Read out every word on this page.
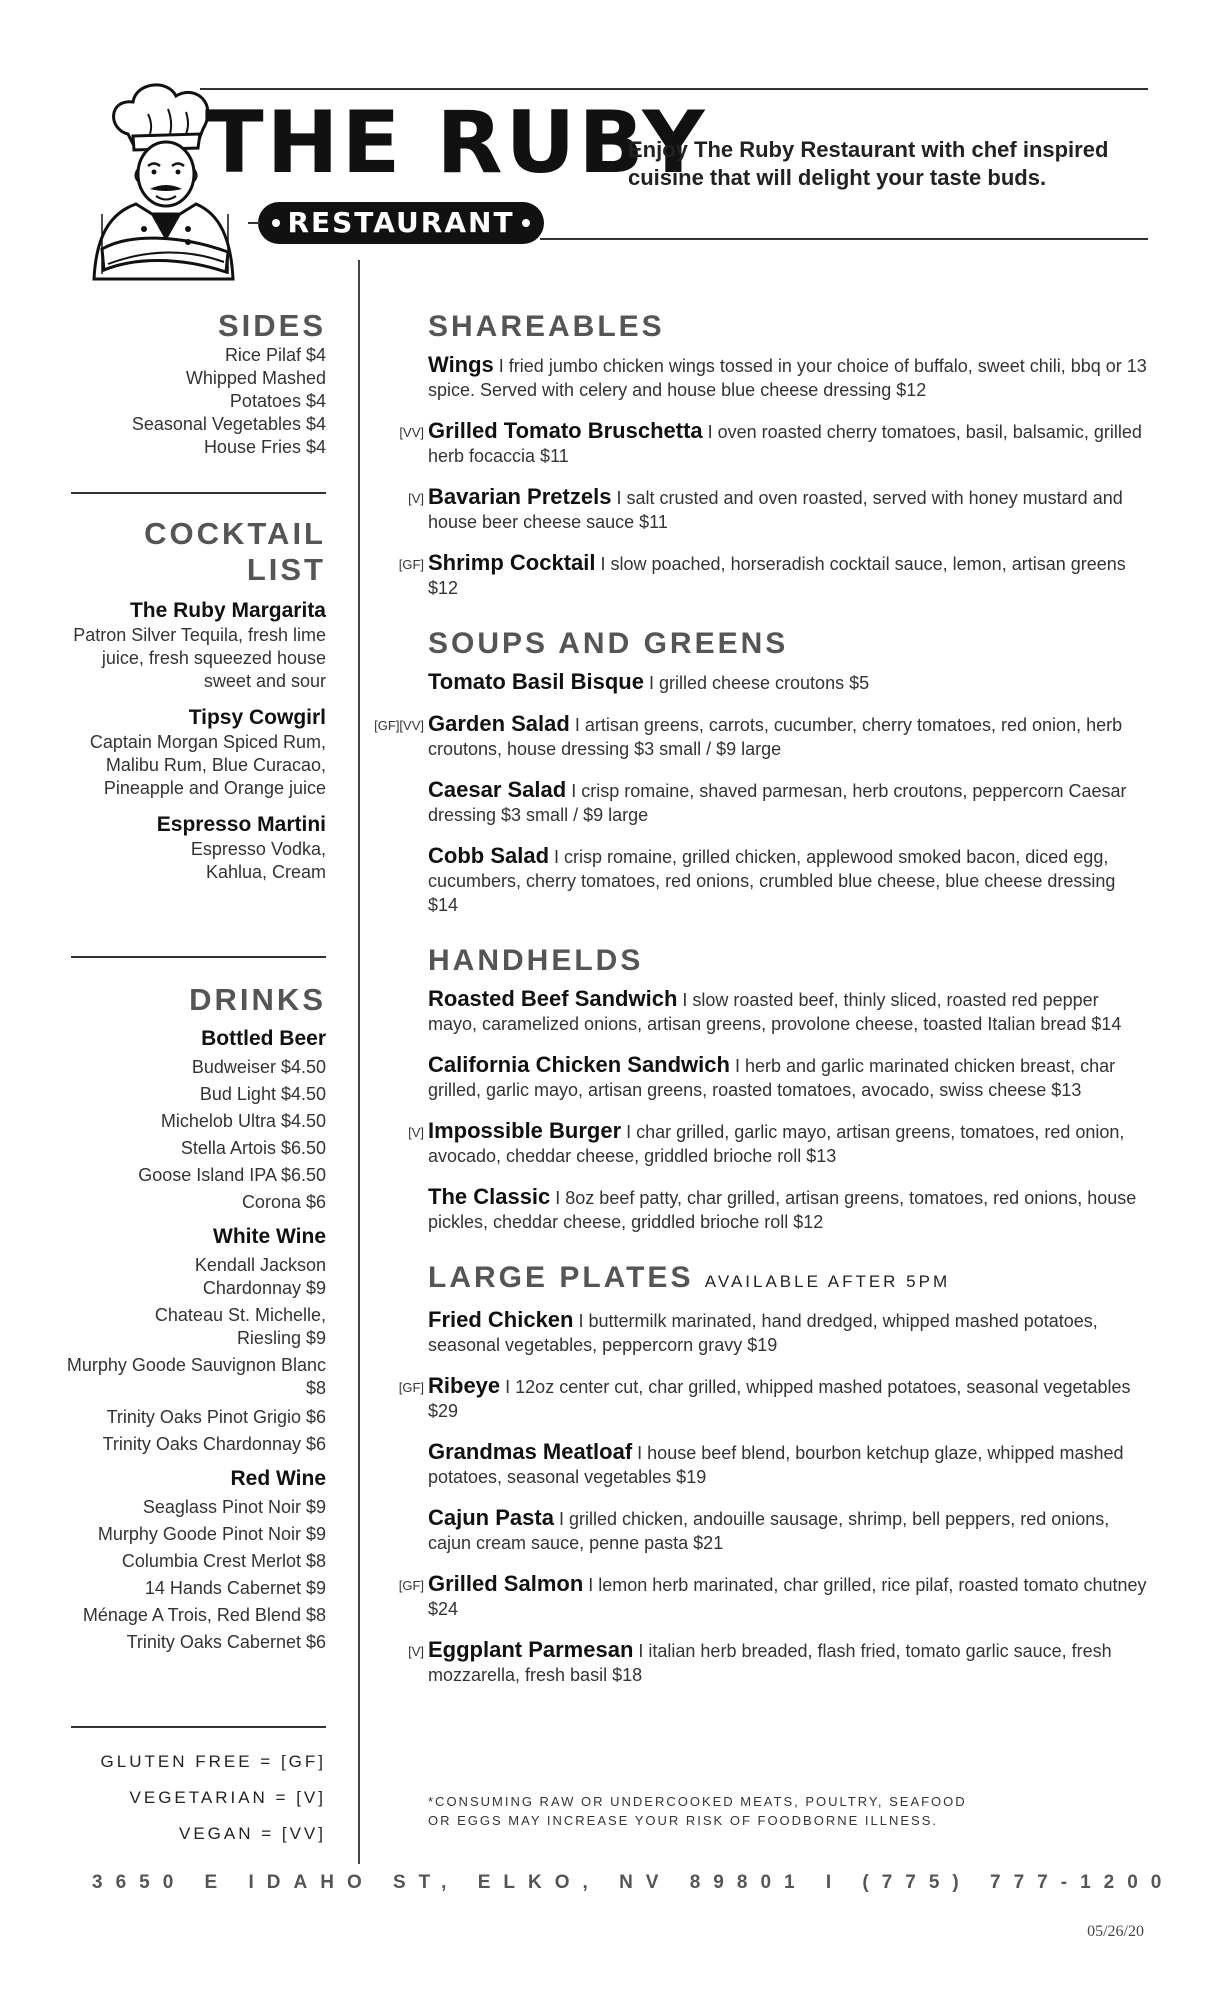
THE RUBY
RESTAURANT
Enjoy The Ruby Restaurant with chef inspired cuisine that will delight your taste buds.
SIDES
Rice Pilaf $4
Whipped Mashed Potatoes $4
Seasonal Vegetables $4
House Fries $4
COCKTAIL
LIST
The Ruby Margarita
Patron Silver Tequila, fresh lime juice, fresh squeezed house sweet and sour
Tipsy Cowgirl
Captain Morgan Spiced Rum, Malibu Rum, Blue Curacao, Pineapple and Orange juice
Espresso Martini
Espresso Vodka, Kahlua, Cream
DRINKS
Bottled Beer
Budweiser $4.50
Bud Light $4.50
Michelob Ultra $4.50
Stella Artois $6.50
Goose Island IPA $6.50
Corona $6
White Wine
Kendall Jackson Chardonnay $9
Chateau St. Michelle, Riesling $9
Murphy Goode Sauvignon Blanc $8
Trinity Oaks Pinot Grigio $6
Trinity Oaks Chardonnay $6
Red Wine
Seaglass Pinot Noir $9
Murphy Goode Pinot Noir $9
Columbia Crest Merlot $8
14 Hands Cabernet $9
Ménage A Trois, Red Blend $8
Trinity Oaks Cabernet $6
GLUTEN FREE = [GF]
VEGETARIAN = [V]
VEGAN = [VV]
SHAREABLES
Wings I fried jumbo chicken wings tossed in your choice of buffalo, sweet chili, bbq or 13 spice. Served with celery and house blue cheese dressing $12
[VV] Grilled Tomato Bruschetta I oven roasted cherry tomatoes, basil, balsamic, grilled herb focaccia $11
[V] Bavarian Pretzels I salt crusted and oven roasted, served with honey mustard and house beer cheese sauce $11
[GF] Shrimp Cocktail I slow poached, horseradish cocktail sauce, lemon, artisan greens $12
SOUPS AND GREENS
Tomato Basil Bisque I grilled cheese croutons $5
[GF][VV] Garden Salad I artisan greens, carrots, cucumber, cherry tomatoes, red onion, herb croutons, house dressing $3 small / $9 large
Caesar Salad I crisp romaine, shaved parmesan, herb croutons, peppercorn Caesar dressing $3 small / $9 large
Cobb Salad I crisp romaine, grilled chicken, applewood smoked bacon, diced egg, cucumbers, cherry tomatoes, red onions, crumbled blue cheese, blue cheese dressing $14
HANDHELDS
Roasted Beef Sandwich I slow roasted beef, thinly sliced, roasted red pepper mayo, caramelized onions, artisan greens, provolone cheese, toasted Italian bread $14
California Chicken Sandwich I herb and garlic marinated chicken breast, char grilled, garlic mayo, artisan greens, roasted tomatoes, avocado, swiss cheese $13
[V] Impossible Burger I char grilled, garlic mayo, artisan greens, tomatoes, red onion, avocado, cheddar cheese, griddled brioche roll $13
The Classic I 8oz beef patty, char grilled, artisan greens, tomatoes, red onions, house pickles, cheddar cheese, griddled brioche roll $12
LARGE PLATES AVAILABLE AFTER 5PM
Fried Chicken I buttermilk marinated, hand dredged, whipped mashed potatoes, seasonal vegetables, peppercorn gravy $19
[GF] Ribeye I 12oz center cut, char grilled, whipped mashed potatoes, seasonal vegetables $29
Grandmas Meatloaf I house beef blend, bourbon ketchup glaze, whipped mashed potatoes, seasonal vegetables $19
Cajun Pasta I grilled chicken, andouille sausage, shrimp, bell peppers, red onions, cajun cream sauce, penne pasta $21
[GF] Grilled Salmon I lemon herb marinated, char grilled, rice pilaf, roasted tomato chutney $24
[V] Eggplant Parmesan I italian herb breaded, flash fried, tomato garlic sauce, fresh mozzarella, fresh basil $18
*CONSUMING RAW OR UNDERCOOKED MEATS, POULTRY, SEAFOOD
OR EGGS MAY INCREASE YOUR RISK OF FOODBORNE ILLNESS.
3650 E IDAHO ST, ELKO, NV 89801 I (775) 777-1200
05/26/20
